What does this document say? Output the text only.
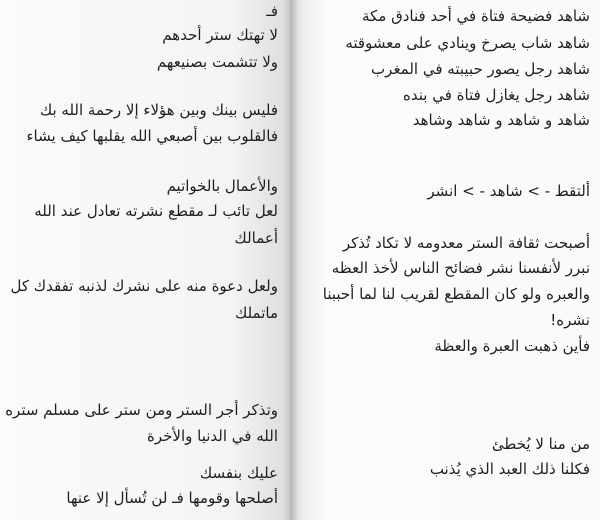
فـ
لا تهتك ستر أحدهم
ولا تتشمت بصنيعهم
فليس بينك وبين هؤلاء إلا رحمة الله بك
فالقلوب بين أصبعي الله يقلبها كيف يشاء
والأعمال بالخواتيم
لعل تائب لـ مقطع نشرته تعادل عند الله
أعمالك
ولعل دعوة منه على نشرك لذنبه تفقدك كل
ماتملك
وتذكر أجر الستر ومن ستر على مسلم ستره
الله في الدنيا والأخرة
عليك بنفسك
أصلحها وقومها فـ لن تُسأل إلا عنها
شاهد فضيحة فتاة في أحد فنادق مكة
شاهد شاب يصرخ وينادي على معشوقته
شاهد رجل يصور حبيبته في المغرب
شاهد رجل يغازل فتاة في بنده
شاهد و شاهد و شاهد وشاهد
ألتقط - > شاهد - > انشر
أصبحت ثقافة الستر معدومه لا تكاد تُذكر
نبرر لأنفسنا نشر فضائح الناس لأخذ العظه
والعبره ولو كان المقطع لقريب لنا لما أحببنا
نشره!
فأين ذهبت العبرة والعظة
من منا لا يُخطئ
فكلنا ذلك العبد الذي يُذنب
